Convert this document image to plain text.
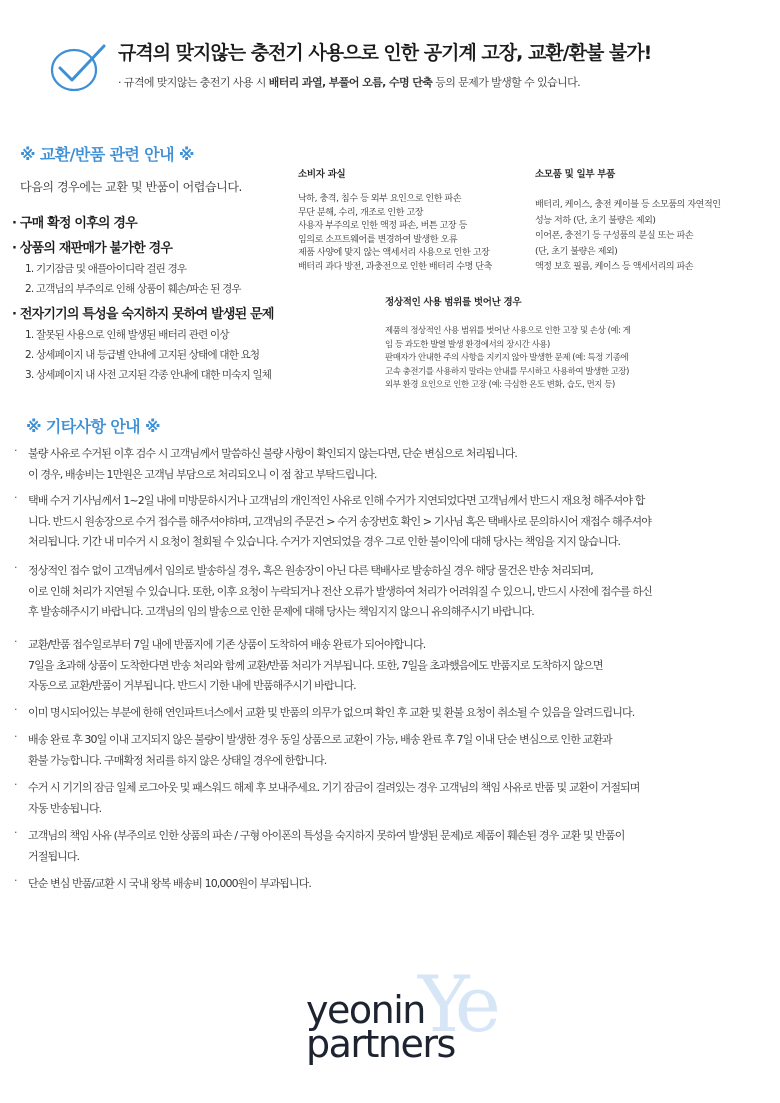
규격의 맞지않는 충전기 사용으로 인한 공기계 고장, 교환/환불 불가!
· 규격에 맞지않는 충전기 사용 시 배터리 과열, 부풀어 오름, 수명 단축 등의 문제가 발생할 수 있습니다.
※ 교환/반품 관련 안내 ※
다음의 경우에는 교환 및 반품이 어렵습니다.
· 구매 확정 이후의 경우
· 상품의 재판매가 불가한 경우
1. 기기잠금 및 애플아이디락 걸린 경우
2. 고객님의 부주의로 인해 상품이 훼손/파손 된 경우
· 전자기기의 특성을 숙지하지 못하여 발생된 문제
1. 잘못된 사용으로 인해 발생된 배터리 관련 이상
2. 상세페이지 내 등급별 안내에 고지된 상태에 대한 요청
3. 상세페이지 내 사전 고지된 각종 안내에 대한 미숙지 일체
소비자 과실
낙하, 충격, 침수 등 외부 요인으로 인한 파손
무단 분해, 수리, 개조로 인한 고장
사용자 부주의로 인한 액정 파손, 버튼 고장 등
임의로 소프트웨어를 변경하여 발생한 오류
제품 사양에 맞지 않는 액세서리 사용으로 인한 고장
배터리 과다 방전, 과충전으로 인한 배터리 수명 단축
소모품 및 일부 부품
배터리, 케이스, 충전 케이블 등 소모품의 자연적인
성능 저하 (단, 초기 불량은 제외)
이어폰, 충전기 등 구성품의 분실 또는 파손
(단, 초기 불량은 제외)
액정 보호 필름, 케이스 등 액세서리의 파손
정상적인 사용 범위를 벗어난 경우
제품의 정상적인 사용 범위를 벗어난 사용으로 인한 고장 및 손상 (예: 게
임 등 과도한 발열 발생 환경에서의 장시간 사용)
판매자가 안내한 주의 사항을 지키지 않아 발생한 문제 (예: 특정 기종에
고속 충전기를 사용하지 말라는 안내를 무시하고 사용하여 발생한 고장)
외부 환경 요인으로 인한 고장 (예: 극심한 온도 변화, 습도, 먼지 등)
※ 기타사항 안내 ※
· 불량 사유로 수거된 이후 검수 시 고객님께서 말씀하신 불량 사항이 확인되지 않는다면, 단순 변심으로 처리됩니다.
이 경우, 배송비는 1만원은 고객님 부담으로 처리되오니 이 점 참고 부탁드립니다.
· 택배 수거 기사님께서 1~2일 내에 미방문하시거나 고객님의 개인적인 사유로 인해 수거가 지연되었다면 고객님께서 반드시 재요청 해주셔야 합
니다. 반드시 원송장으로 수거 접수를 해주셔야하며, 고객님의 주문건 > 수거 송장번호 확인 > 기사님 혹은 택배사로 문의하시어 재접수 해주셔야
처리됩니다. 기간 내 미수거 시 요청이 철회될 수 있습니다. 수거가 지연되었을 경우 그로 인한 불이익에 대해 당사는 책임을 지지 않습니다.
· 정상적인 접수 없이 고객님께서 임의로 발송하실 경우, 혹은 원송장이 아닌 다른 택배사로 발송하실 경우 해당 물건은 반송 처리되며,
이로 인해 처리가 지연될 수 있습니다. 또한, 이후 요청이 누락되거나 전산 오류가 발생하여 처리가 어려워질 수 있으니, 반드시 사전에 접수를 하신
후 발송해주시기 바랍니다. 고객님의 임의 발송으로 인한 문제에 대해 당사는 책임지지 않으니 유의해주시기 바랍니다.
· 교환/반품 접수일로부터 7일 내에 반품지에 기존 상품이 도착하여 배송 완료가 되어야합니다.
7일을 초과해 상품이 도착한다면 반송 처리와 함께 교환/반품 처리가 거부됩니다. 또한, 7일을 초과했음에도 반품지로 도착하지 않으면
자동으로 교환/반품이 거부됩니다. 반드시 기한 내에 반품해주시기 바랍니다.
· 이미 명시되어있는 부분에 한해 연인파트너스에서 교환 및 반품의 의무가 없으며 확인 후 교환 및 환불 요청이 취소될 수 있음을 알려드립니다.
· 배송 완료 후 30일 이내 고지되지 않은 불량이 발생한 경우 동일 상품으로 교환이 가능, 배송 완료 후 7일 이내 단순 변심으로 인한 교환과
환불 가능합니다. 구매확정 처리를 하지 않은 상태일 경우에 한합니다.
· 수거 시 기기의 잠금 일체 로그아웃 및 패스워드 해제 후 보내주세요. 기기 잠금이 걸려있는 경우 고객님의 책임 사유로 반품 및 교환이 거절되며
자동 반송됩니다.
· 고객님의 책임 사유 (부주의로 인한 상품의 파손 / 구형 아이폰의 특성을 숙지하지 못하여 발생된 문제)로 제품이 훼손된 경우 교환 및 반품이
거절됩니다.
· 단순 변심 반품/교환 시 국내 왕복 배송비 10,000원이 부과됩니다.
Ye
yeonin
partners
